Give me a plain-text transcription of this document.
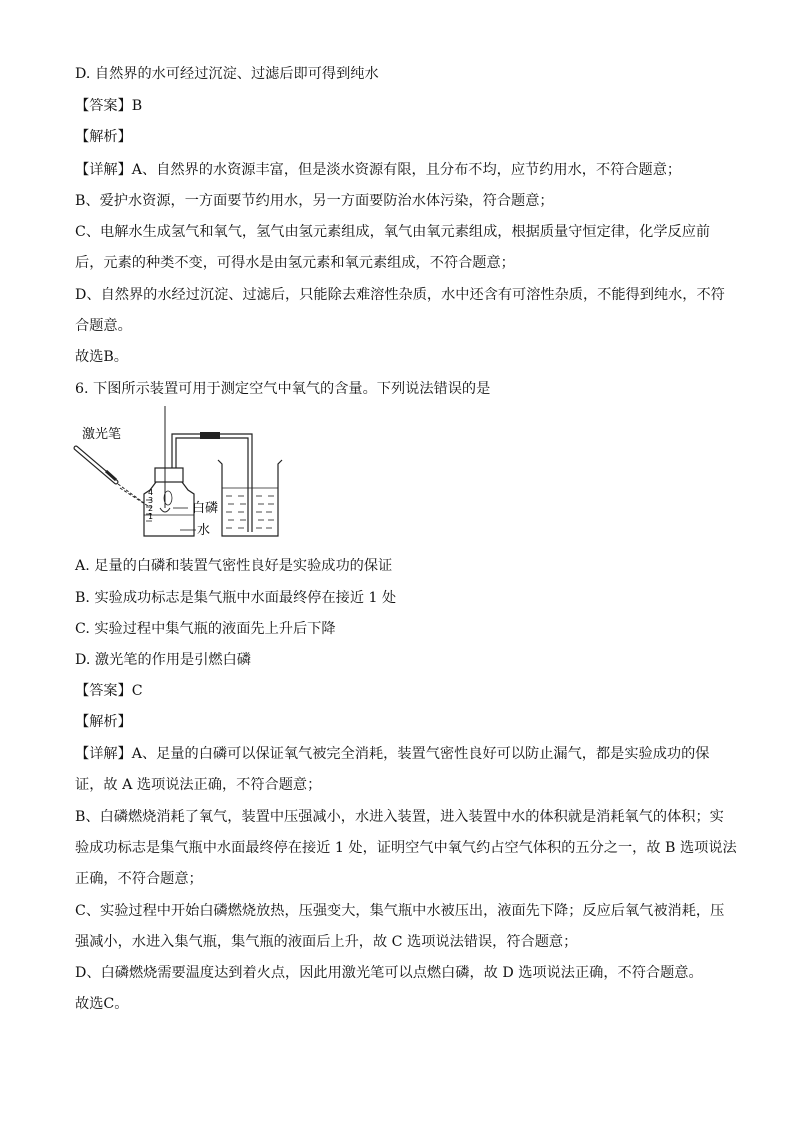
D. 自然界的水可经过沉淀、过滤后即可得到纯水
【答案】B
【解析】
【详解】A、自然界的水资源丰富，但是淡水资源有限，且分布不均，应节约用水，不符合题意；
B、爱护水资源，一方面要节约用水，另一方面要防治水体污染，符合题意；
C、电解水生成氢气和氧气，氢气由氢元素组成，氧气由氧元素组成，根据质量守恒定律，化学反应前
后，元素的种类不变，可得水是由氢元素和氧元素组成，不符合题意；
D、自然界的水经过沉淀、过滤后，只能除去难溶性杂质，水中还含有可溶性杂质，不能得到纯水，不符
合题意。
故选B。
6. 下图所示装置可用于测定空气中氧气的含量。下列说法错误的是
激光笔
4
3
2
1
白磷
水
A. 足量的白磷和装置气密性良好是实验成功的保证
B. 实验成功标志是集气瓶中水面最终停在接近 1 处
C. 实验过程中集气瓶的液面先上升后下降
D. 激光笔的作用是引燃白磷
【答案】C
【解析】
【详解】A、足量的白磷可以保证氧气被完全消耗，装置气密性良好可以防止漏气，都是实验成功的保
证，故 A 选项说法正确，不符合题意；
B、白磷燃烧消耗了氧气，装置中压强减小，水进入装置，进入装置中水的体积就是消耗氧气的体积；实
验成功标志是集气瓶中水面最终停在接近 1 处，证明空气中氧气约占空气体积的五分之一，故 B 选项说法
正确，不符合题意；
C、实验过程中开始白磷燃烧放热，压强变大，集气瓶中水被压出，液面先下降；反应后氧气被消耗，压
强减小，水进入集气瓶，集气瓶的液面后上升，故 C 选项说法错误，符合题意；
D、白磷燃烧需要温度达到着火点，因此用激光笔可以点燃白磷，故 D 选项说法正确，不符合题意。
故选C。
